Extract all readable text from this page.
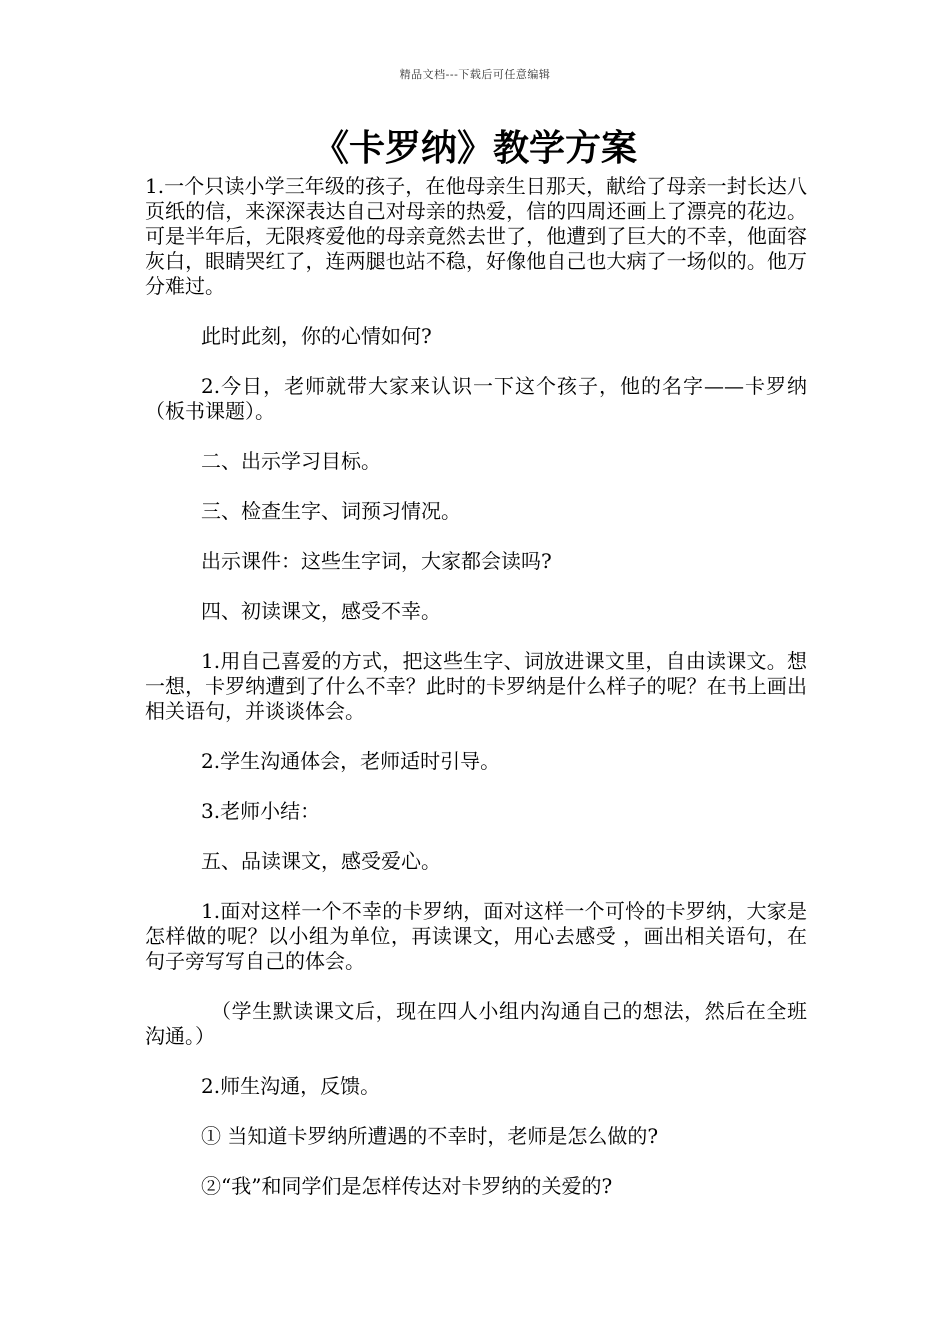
精品文档---下载后可任意编辑
《卡罗纳》教学方案

1.一个只读小学三年级的孩子，在他母亲生日那天，献给了母亲一封长达八页纸的信，来深深表达自己对母亲的热爱，信的四周还画上了漂亮的花边。可是半年后，无限疼爱他的母亲竟然去世了，他遭到了巨大的不幸，他面容灰白，眼睛哭红了，连两腿也站不稳，好像他自己也大病了一场似的。他万分难过。

此时此刻，你的心情如何?

2.今日，老师就带大家来认识一下这个孩子，他的名字——卡罗纳（板书课题）。

二、出示学习目标。

三、检查生字、词预习情况。

出示课件：这些生字词，大家都会读吗?

四、初读课文，感受不幸。

1.用自己喜爱的方式，把这些生字、词放进课文里，自由读课文。想一想，卡罗纳遭到了什么不幸？此时的卡罗纳是什么样子的呢？在书上画出相关语句，并谈谈体会。

2.学生沟通体会，老师适时引导。

3.老师小结：

五、品读课文，感受爱心。

1.面对这样一个不幸的卡罗纳，面对这样一个可怜的卡罗纳，大家是怎样做的呢？以小组为单位，再读课文，用心去感受 ，画出相关语句，在句子旁写写自己的体会。

（学生默读课文后，现在四人小组内沟通自己的想法，然后在全班沟通。）

2.师生沟通，反馈。

① 当知道卡罗纳所遭遇的不幸时，老师是怎么做的?

②“我”和同学们是怎样传达对卡罗纳的关爱的?
